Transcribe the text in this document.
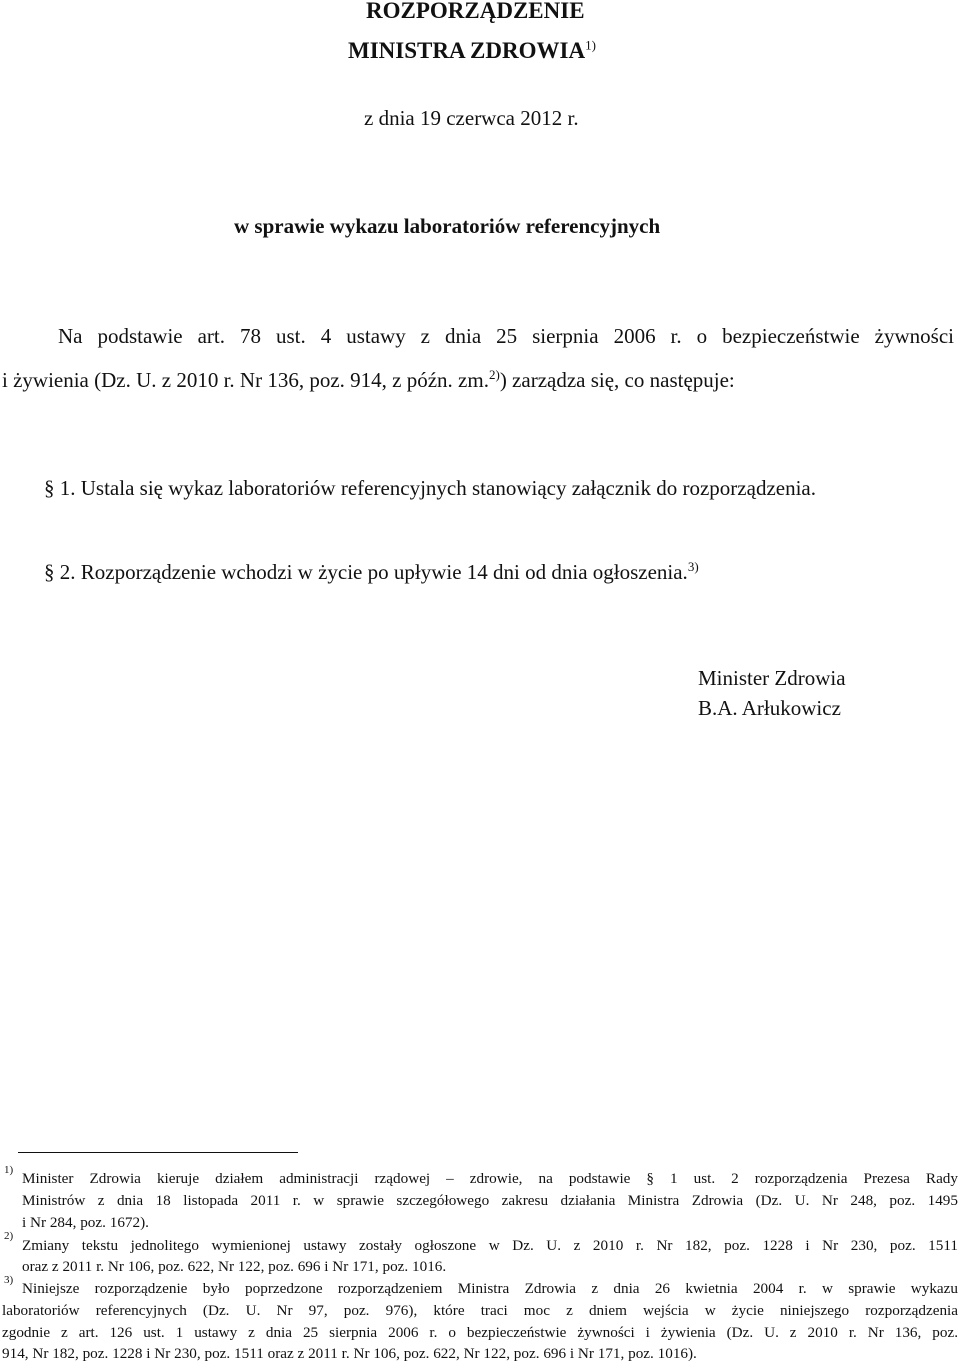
ROZPORZĄDZENIE
MINISTRA ZDROWIA$^{1)}$
z dnia 19 czerwca 2012 r.
w sprawie wykazu laboratoriów referencyjnych
Na podstawie art. 78 ust. 4 ustawy z dnia 25 sierpnia 2006 r. o bezpieczeństwie żywności
i żywienia (Dz. U. z 2010 r. Nr 136, poz. 914, z późn. zm.$^{2)}$) zarządza się, co następuje:
§ 1. Ustala się wykaz laboratoriów referencyjnych stanowiący załącznik do rozporządzenia.
§ 2. Rozporządzenie wchodzi w życie po upływie 14 dni od dnia ogłoszenia.$^{3)}$
Minister Zdrowia
B.A. Arłukowicz
1) Minister Zdrowia kieruje działem administracji rządowej – zdrowie, na podstawie § 1 ust. 2 rozporządzenia Prezesa Rady
Ministrów z dnia 18 listopada 2011 r. w sprawie szczegółowego zakresu działania Ministra Zdrowia (Dz. U. Nr 248, poz. 1495
i Nr 284, poz. 1672).
2)
Zmiany tekstu jednolitego wymienionej ustawy zostały ogłoszone w Dz. U. z 2010 r. Nr 182, poz. 1228 i Nr 230, poz. 1511
oraz z 2011 r. Nr 106, poz. 622, Nr 122, poz. 696 i Nr 171, poz. 1016.
3) Niniejsze rozporządzenie było poprzedzone rozporządzeniem Ministra Zdrowia z dnia 26 kwietnia 2004 r. w sprawie wykazu
laboratoriów referencyjnych (Dz. U. Nr 97, poz. 976), które traci moc z dniem wejścia w życie niniejszego rozporządzenia
zgodnie z art. 126 ust. 1 ustawy z dnia 25 sierpnia 2006 r. o bezpieczeństwie żywności i żywienia (Dz. U. z 2010 r. Nr 136, poz.
914, Nr 182, poz. 1228 i Nr 230, poz. 1511 oraz z 2011 r. Nr 106, poz. 622, Nr 122, poz. 696 i Nr 171, poz. 1016).
